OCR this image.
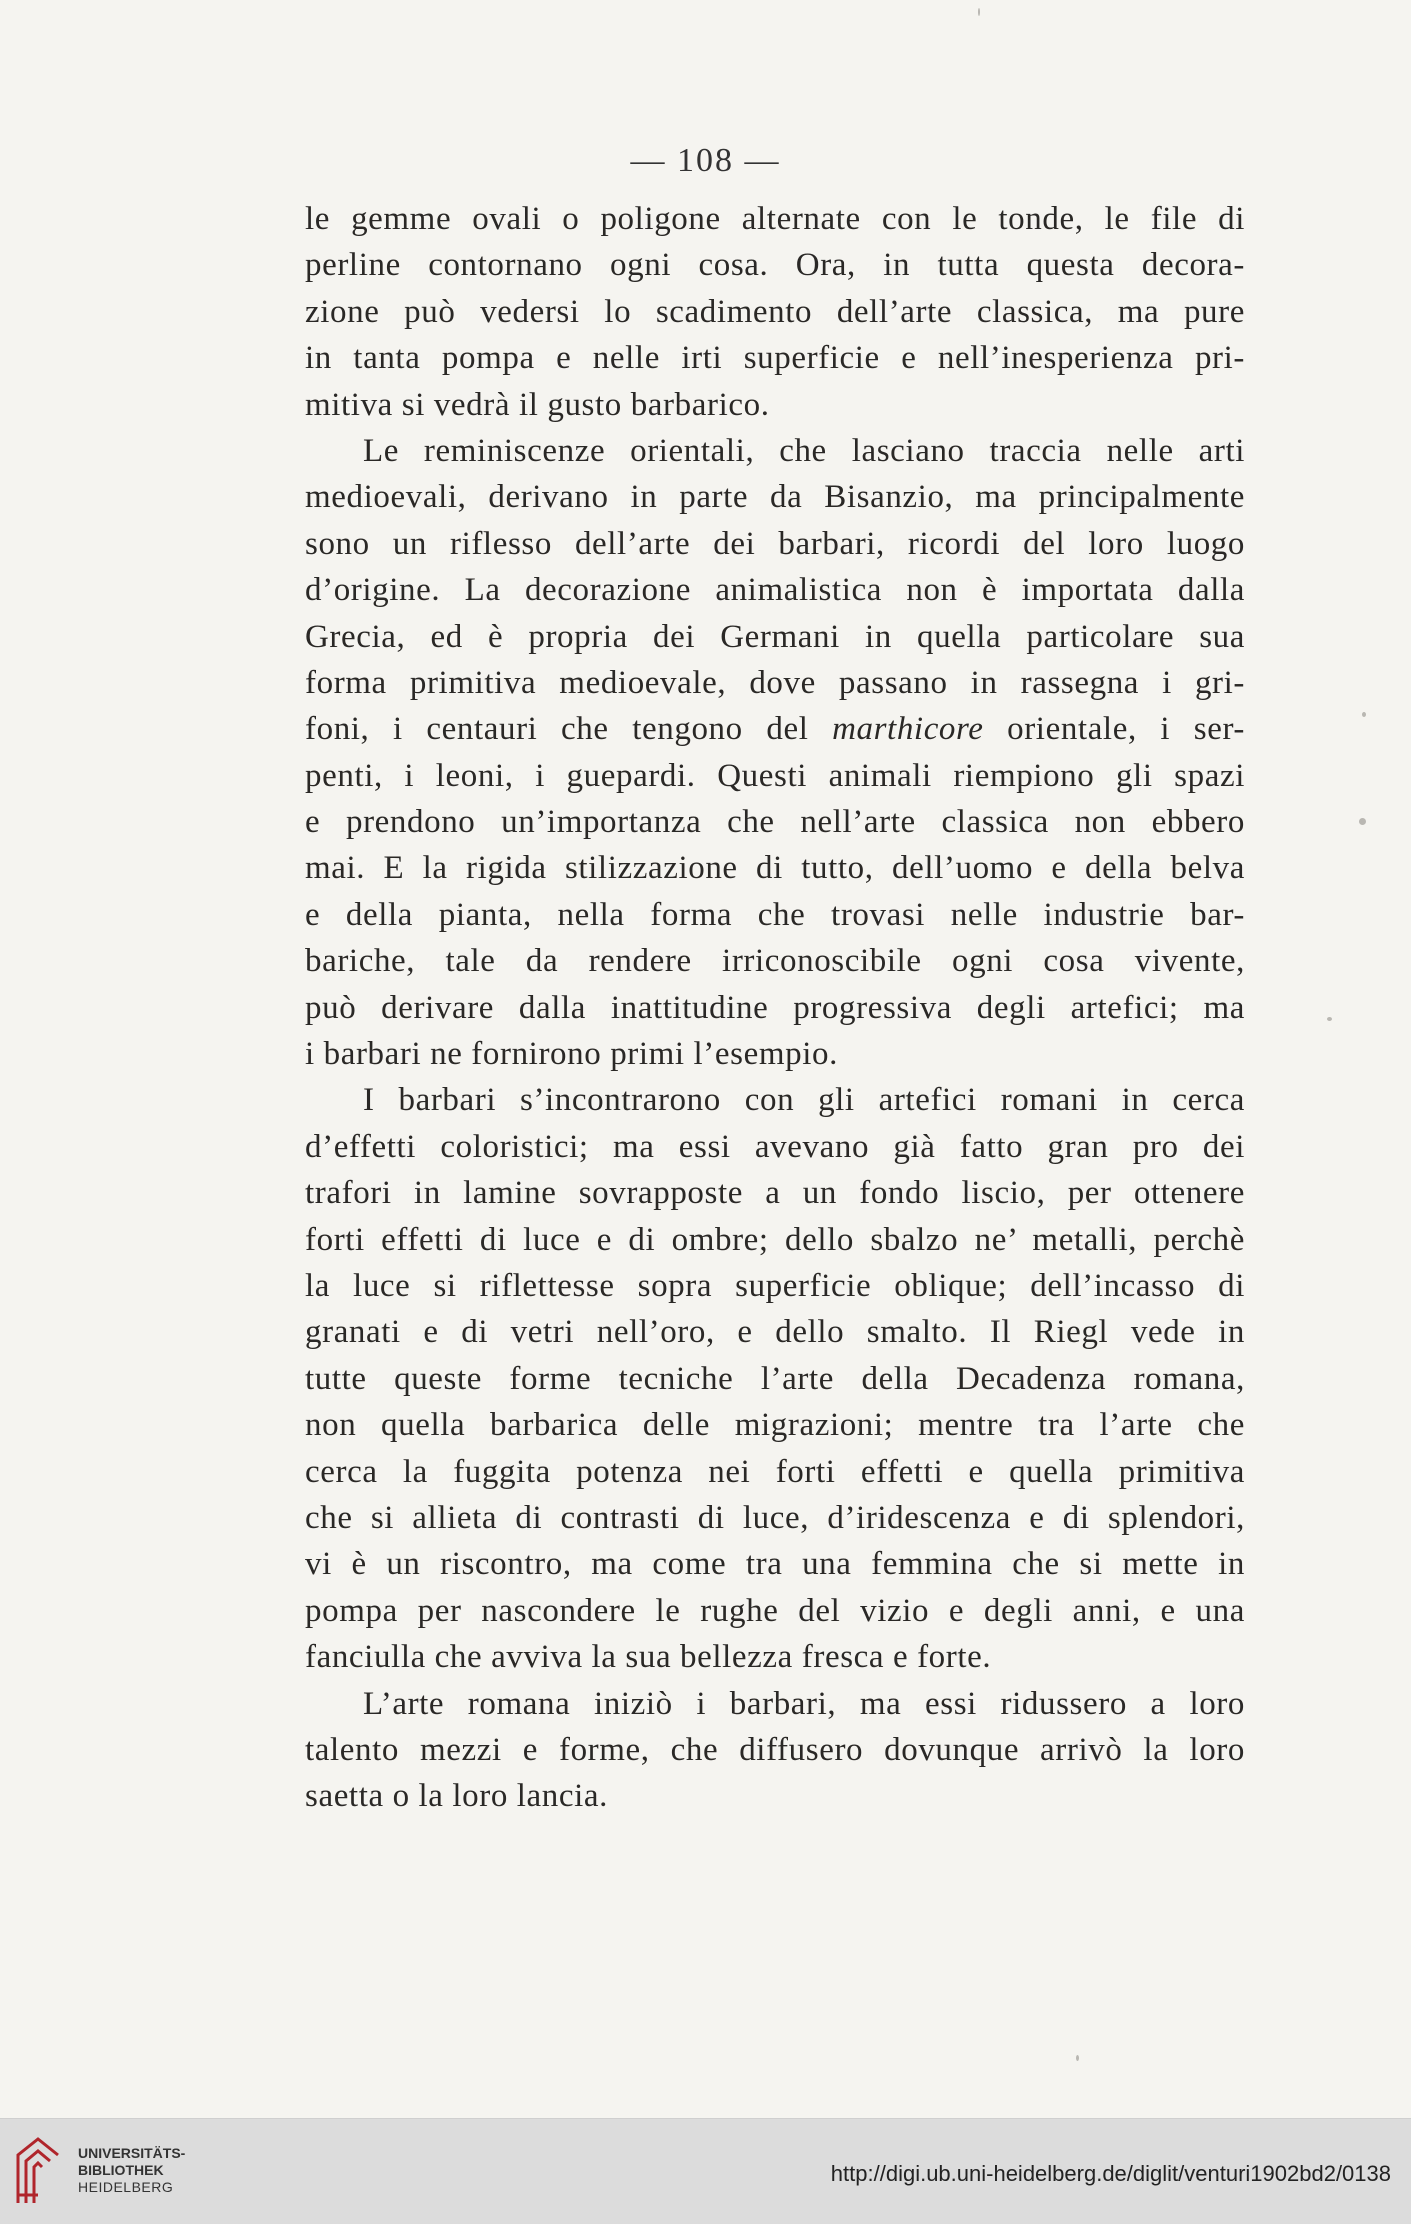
— 108 —
le gemme ovali o poligone alternate con le tonde, le file di
perline contornano ogni cosa. Ora, in tutta questa decora-
zione può vedersi lo scadimento dell’arte classica, ma pure
in tanta pompa e nelle irti superficie e nell’inesperienza pri-
mitiva si vedrà il gusto barbarico.
Le reminiscenze orientali, che lasciano traccia nelle arti
medioevali, derivano in parte da Bisanzio, ma principalmente
sono un riflesso dell’arte dei barbari, ricordi del loro luogo
d’origine. La decorazione animalistica non è importata dalla
Grecia, ed è propria dei Germani in quella particolare sua
forma primitiva medioevale, dove passano in rassegna i gri-
foni, i centauri che tengono del marthicore orientale, i ser-
penti, i leoni, i guepardi. Questi animali riempiono gli spazi
e prendono un’importanza che nell’arte classica non ebbero
mai. E la rigida stilizzazione di tutto, dell’uomo e della belva
e della pianta, nella forma che trovasi nelle industrie bar-
bariche, tale da rendere irriconoscibile ogni cosa vivente,
può derivare dalla inattitudine progressiva degli artefici; ma
i barbari ne fornirono primi l’esempio.
I barbari s’incontrarono con gli artefici romani in cerca
d’effetti coloristici; ma essi avevano già fatto gran pro dei
trafori in lamine sovrapposte a un fondo liscio, per ottenere
forti effetti di luce e di ombre; dello sbalzo ne’ metalli, perchè
la luce si riflettesse sopra superficie oblique; dell’incasso di
granati e di vetri nell’oro, e dello smalto. Il Riegl vede in
tutte queste forme tecniche l’arte della Decadenza romana,
non quella barbarica delle migrazioni; mentre tra l’arte che
cerca la fuggita potenza nei forti effetti e quella primitiva
che si allieta di contrasti di luce, d’iridescenza e di splendori,
vi è un riscontro, ma come tra una femmina che si mette in
pompa per nascondere le rughe del vizio e degli anni, e una
fanciulla che avviva la sua bellezza fresca e forte.
L’arte romana iniziò i barbari, ma essi ridussero a loro
talento mezzi e forme, che diffusero dovunque arrivò la loro
saetta o la loro lancia.
UNIVERSITÄTS-
BIBLIOTHEK
HEIDELBERG
http://digi.ub.uni-heidelberg.de/diglit/venturi1902bd2/0138
